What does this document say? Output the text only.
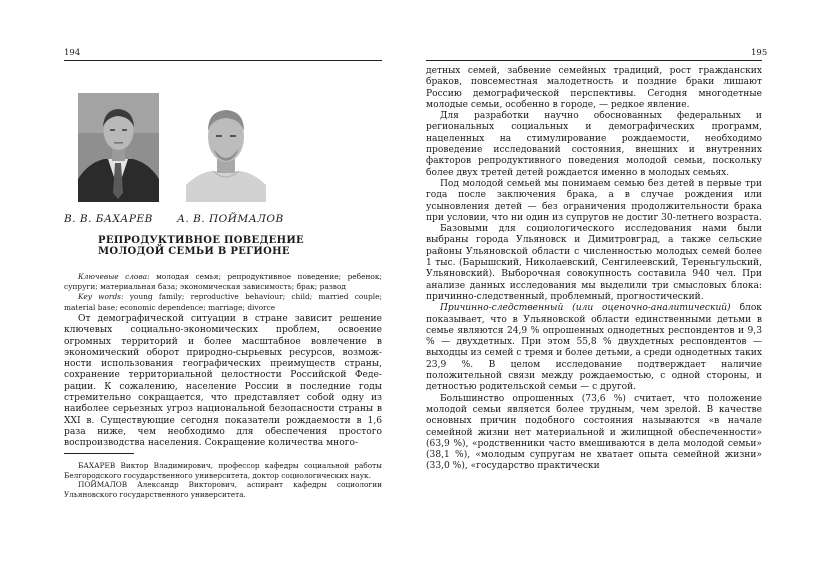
194	195
В. В. БАХАРЕВ А. В. ПОЙМАЛОВ
РЕПРОДУКТИВНОЕ ПОВЕДЕНИЕ
МОЛОДОЙ СЕМЬИ В РЕГИОНЕ
Ключевые слова: молодая семья; репродуктивное поведение; ребенок; супруги; материальная база; экономическая зависимость; брак; развод
Key words: young family; reproductive behaviour; child; married couple; material base; economic dependence; marriage; divorce

От демографической ситуации в стране зависит решение ключевых социально-экономических проблем, освоение огромных территорий и более масштабное вовлечение в экономический оборот природно-сырьевых ресурсов, возможности использования географических преимуществ страны, сохранение территориальной целостности Российской Федерации. К сожалению, население России в последние годы стремительно сокращается, что представляет собой одну из наиболее серьезных угроз национальной безопасности страны в XXI в. Существующие сегодня показатели рождаемости в 1,6 раза ниже, чем необходимо для обеспечения простого воспроизводства населения. Сокращение количества много-

БАХАРЕВ Виктор Владимирович, профессор кафедры социальной работы Белгородского государственного университета, доктор социологических наук.

ПОЙМАЛОВ Александр Викторович, аспирант кафедры социологии Ульяновского государственного университета.

детных семей, забвение семейных традиций, рост гражданских браков, повсеместная малодетность и поздние браки лишают Россию демографической перспективы. Сегодня многодетные молодые семьи, особенно в городе, — редкое явление.

Для разработки научно обоснованных федеральных и региональных социальных и демографических программ, нацеленных на стимулирование рождаемости, необходимо проведение исследований состояния, внешних и внутренних факторов репродуктивного поведения молодой семьи, поскольку более двух третей детей рождается именно в молодых семьях.

Под молодой семьей мы понимаем семью без детей в первые три года после заключения брака, а в случае рождения или усыновления детей — без ограничения продолжительности брака при условии, что ни один из супругов не достиг 30-летнего возраста.

Базовыми для социологического исследования нами были выбраны города Ульяновск и Димитровград, а также сельские районы Ульяновской области с численностью молодых семей более 1 тыс. (Барышский, Николаевский, Сенгилеевский, Тереньгульский, Ульяновский). Выборочная совокупность составила 940 чел. При анализе данных исследования мы выделили три смысловых блока: причинно-следственный, проблемный, прогностический.

Причинно-следственный (или оценочно-аналитический) блок показывает, что в Ульяновской области единственными детьми в семье являются 24,9 % опрошенных однодетных респондентов и 9,3 % — двухдетных. При этом 55,8 % двухдетных респондентов — выходцы из семей с тремя и более детьми, а среди однодетных таких 23,9 %. В целом исследование подтверждает наличие положительной связи между рождаемостью, с одной стороны, и детностью родительской семьи — с другой.

Большинство опрошенных (73,6 %) считает, что положение молодой семьи является более трудным, чем зрелой. В качестве основных причин подобного состояния называются «в начале семейной жизни нет материальной и жилищной обеспеченности» (63,9 %), «родственники часто вмешиваются в дела молодой семьи» (38,1 %), «молодым супругам не хватает опыта семейной жизни» (33,0 %), «государство практически
